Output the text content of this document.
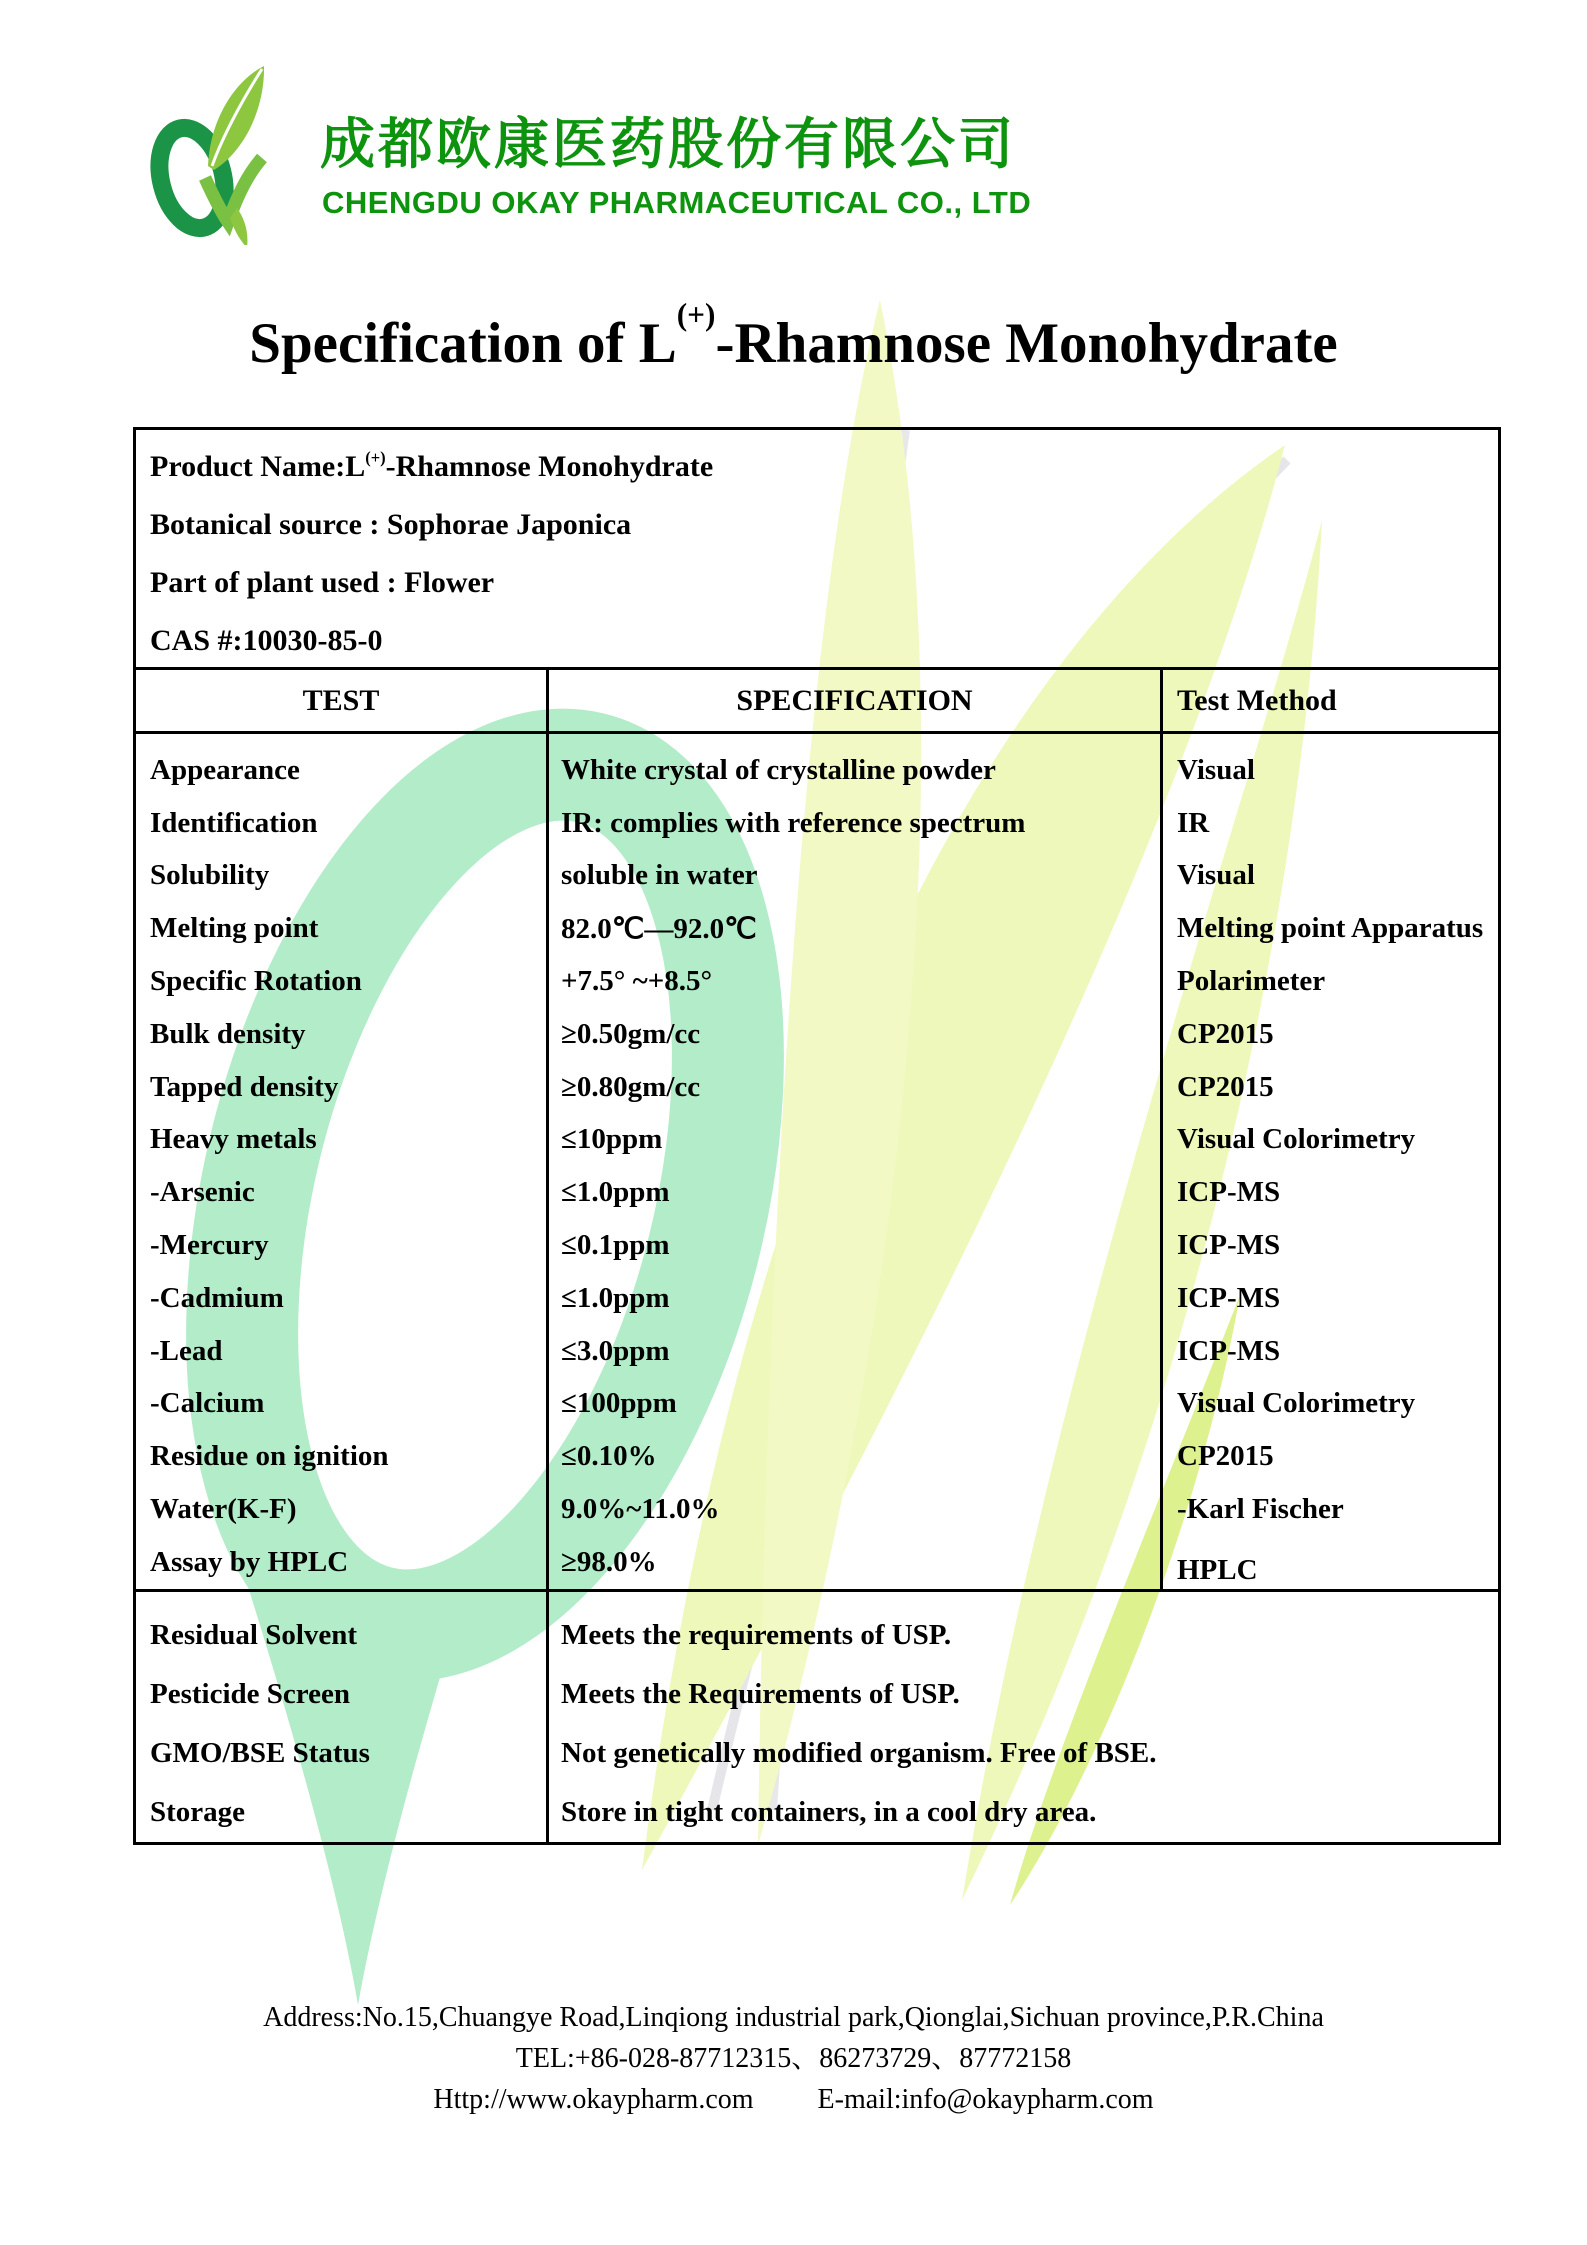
成都欧康医药股份有限公司
CHENGDU OKAY PHARMACEUTICAL CO., LTD
Specification of L(+)-Rhamnose Monohydrate
Product Name: L(+) -Rhamnose Monohydrate
Botanical source : Sophorae Japonica
Part of plant used : Flower
CAS #:10030-85-0
TEST	SPECIFICATION	Test Method
Appearance
Identification
Solubility
Melting point
Specific Rotation
Bulk density
Tapped density
Heavy metals
-Arsenic
-Mercury
-Cadmium
-Lead
-Calcium
Residue on ignition
Water(K-F)
Assay by HPLC
White crystal of crystalline powder
IR: complies with reference spectrum
soluble in water
82.0℃—92.0℃
+7.5° ~+8.5°
≥0.50gm/cc
≥0.80gm/cc
≤10ppm
≤1.0ppm
≤0.1ppm
≤1.0ppm
≤3.0ppm
≤100ppm
≤0.10%
9.0%~11.0%
≥98.0%
Visual
IR
Visual
Melting point Apparatus
Polarimeter
CP2015
CP2015
Visual Colorimetry
ICP-MS
ICP-MS
ICP-MS
ICP-MS
Visual Colorimetry
CP2015
-Karl Fischer
HPLC
Residual Solvent
Pesticide Screen
GMO/BSE Status
Storage
Meets the requirements of USP.
Meets the Requirements of USP.
Not genetically modified organism. Free of BSE.
Store in tight containers, in a cool dry area.
Address:No.15,Chuangye Road,Linqiong industrial park,Qionglai,Sichuan province,P.R.China
TEL:+86-028-87712315、86273729、87772158
Http://www.okaypharm.com E-mail:info@okaypharm.com
